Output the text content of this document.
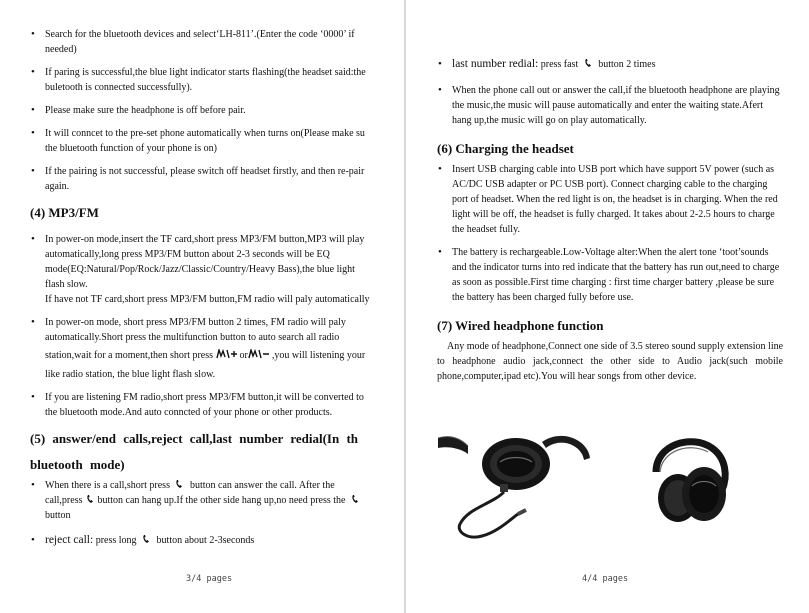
• Search for the bluetooth devices and select‘LH-811’.(Enter the code ‘0000’ if
needed)
• If paring is successful,the blue light indicator starts flashing(the headset said:the
buletooth is connected successfully).
• Please make sure the headphone is off before pair.
• It will conncet to the pre-set phone automatically when turns on(Please make su
the bluetooth function of your phone is on)
• If the pairing is not successful, please switch off headset firstly, and then re-pair
again.
(4) MP3/FM
• In power-on mode,insert the TF card,short press MP3/FM button,MP3 will play
automatically,long press MP3/FM button about 2-3 seconds will be EQ
mode(EQ:Natural/Pop/Rock/Jazz/Classic/Country/Heavy Bass),the blue light
flash slow.
If have not TF card,short press MP3/FM button,FM radio will paly automatically
• In power-on mode, short press MP3/FM button 2 times, FM radio will paly
automatically.Short press the multifunction button to auto search all radio
station,wait for a moment,then short press	or ,you will listening your
like radio station, the blue light flash slow.
• If you are listening FM radio,short press MP3/FM button,it will be converted to
the bluetooth mode.And auto conncted of your phone or other products.
(5) answer/end calls,reject call,last number redial(In th
bluetooth mode)
• When there is a call,short press button can answer the call. After the
call,press button can hang up.If the other side hang up,no need press the
button
• reject call: press long button about 2-3seconds
3/4 pages
• last number redial: press fast button 2 times
• When the phone call out or answer the call,if the bluetooth headphone are playing
the music,the music will pause automatically and enter the waiting state.Afert
hang up,the music will go on play automatically.
(6) Charging the headset
• Insert USB charging cable into USB port which have support 5V power (such as
AC/DC USB adapter or PC USB port). Connect charging cable to the charging
port of headset. When the red light is on, the headset is in charging. When the red
light will be off, the headset is fully charged. It takes about 2-2.5 hours to charge
the headset fully.
• The battery is rechargeable.Low-Voltage alter:When the alert tone ‘toot’sounds
and the indicator turns into red indicate that the battery has run out,need to charge
as soon as possible.First time charging : first time charger battery ,please be sure
the battery has been charged fully before use.
(7) Wired headphone function
Any mode of headphone,Connect one side of 3.5 stereo sound supply extension line
to headphone audio jack,connect the other side to Audio jack(such mobile
phone,computer,ipad etc).You will hear songs from other device.
4/4 pages
